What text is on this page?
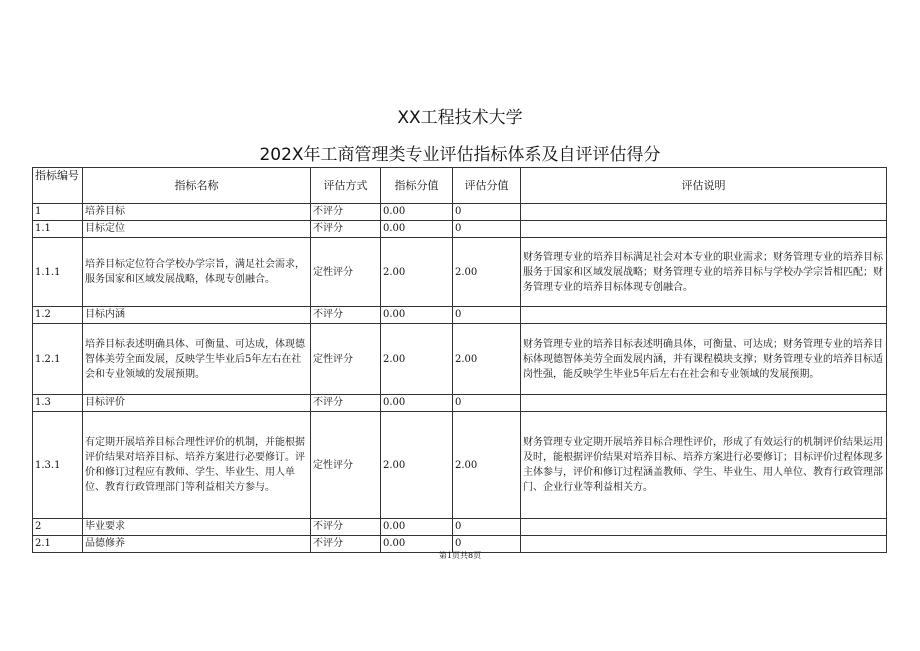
XX工程技术大学
202X年工商管理类专业评估指标体系及自评评估得分
指标编号	指标名称	评估方式	指标分值	评估分值	评估说明
1	培养目标	不评分	0.00	0	
1.1	目标定位	不评分	0.00	0	
1.1.1	培养目标定位符合学校办学宗旨，满足社会需求，服务国家和区域发展战略，体现专创融合。	定性评分	2.00	2.00	财务管理专业的培养目标满足社会对本专业的职业需求；财务管理专业的培养目标服务于国家和区域发展战略；财务管理专业的培养目标与学校办学宗旨相匹配；财务管理专业的培养目标体现专创融合。
1.2	目标内涵	不评分	0.00	0	
1.2.1	培养目标表述明确具体、可衡量、可达成，体现德智体美劳全面发展，反映学生毕业后5年左右在社会和专业领域的发展预期。	定性评分	2.00	2.00	财务管理专业的培养目标表述明确具体，可衡量、可达成；财务管理专业的培养目标体现德智体美劳全面发展内涵，并有课程模块支撑；财务管理专业的培养目标适岗性强，能反映学生毕业5年后左右在社会和专业领域的发展预期。
1.3	目标评价	不评分	0.00	0	
1.3.1	有定期开展培养目标合理性评价的机制，并能根据评价结果对培养目标、培养方案进行必要修订。评价和修订过程应有教师、学生、毕业生、用人单位、教育行政管理部门等利益相关方参与。	定性评分	2.00	2.00	财务管理专业定期开展培养目标合理性评价，形成了有效运行的机制评价结果运用及时，能根据评价结果对培养目标、培养方案进行必要修订；目标评价过程体现多主体参与，评价和修订过程涵盖教师、学生、毕业生、用人单位、教育行政管理部门、企业行业等利益相关方。
2	毕业要求	不评分	0.00	0	
2.1	品德修养	不评分	0.00	0	
第1页共8页
